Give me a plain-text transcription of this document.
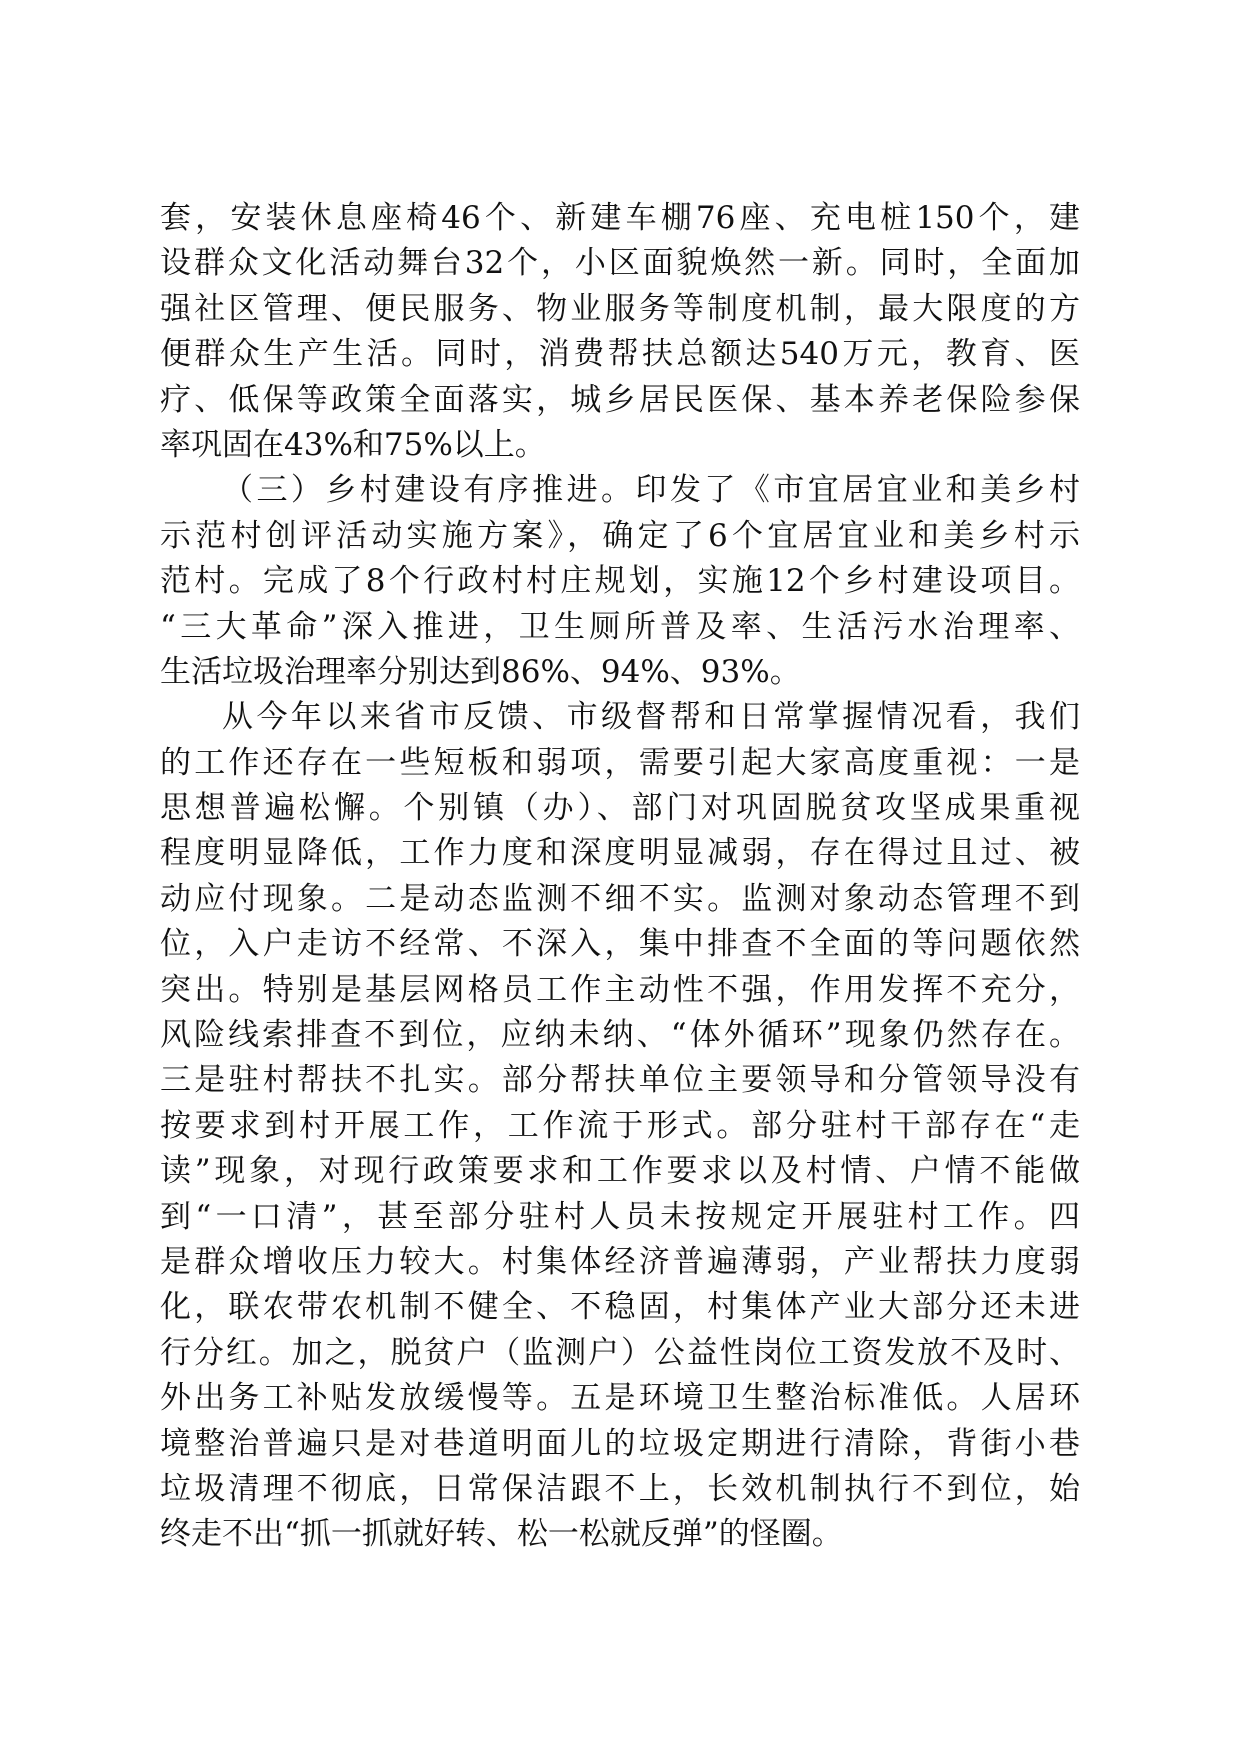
套，安装休息座椅46个、新建车棚76座、充电桩150个，建
设群众文化活动舞台32个，小区面貌焕然一新。同时，全面加
强社区管理、便民服务、物业服务等制度机制，最大限度的方
便群众生产生活。同时，消费帮扶总额达540万元，教育、医
疗、低保等政策全面落实，城乡居民医保、基本养老保险参保
率巩固在43%和75%以上。
（三）乡村建设有序推进。印发了《市宜居宜业和美乡村
示范村创评活动实施方案》，确定了6个宜居宜业和美乡村示
范村。完成了8个行政村村庄规划，实施12个乡村建设项目。
“三大革命”深入推进，卫生厕所普及率、生活污水治理率、
生活垃圾治理率分别达到86%、94%、93%。
从今年以来省市反馈、市级督帮和日常掌握情况看，我们
的工作还存在一些短板和弱项，需要引起大家高度重视：一是
思想普遍松懈。个别镇（办）、部门对巩固脱贫攻坚成果重视
程度明显降低，工作力度和深度明显减弱，存在得过且过、被
动应付现象。二是动态监测不细不实。监测对象动态管理不到
位，入户走访不经常、不深入，集中排查不全面的等问题依然
突出。特别是基层网格员工作主动性不强，作用发挥不充分，
风险线索排查不到位，应纳未纳、“体外循环”现象仍然存在。
三是驻村帮扶不扎实。部分帮扶单位主要领导和分管领导没有
按要求到村开展工作，工作流于形式。部分驻村干部存在“走
读”现象，对现行政策要求和工作要求以及村情、户情不能做
到“一口清”，甚至部分驻村人员未按规定开展驻村工作。四
是群众增收压力较大。村集体经济普遍薄弱，产业帮扶力度弱
化，联农带农机制不健全、不稳固，村集体产业大部分还未进
行分红。加之，脱贫户（监测户）公益性岗位工资发放不及时、
外出务工补贴发放缓慢等。五是环境卫生整治标准低。人居环
境整治普遍只是对巷道明面儿的垃圾定期进行清除，背街小巷
垃圾清理不彻底，日常保洁跟不上，长效机制执行不到位，始
终走不出“抓一抓就好转、松一松就反弹”的怪圈。
